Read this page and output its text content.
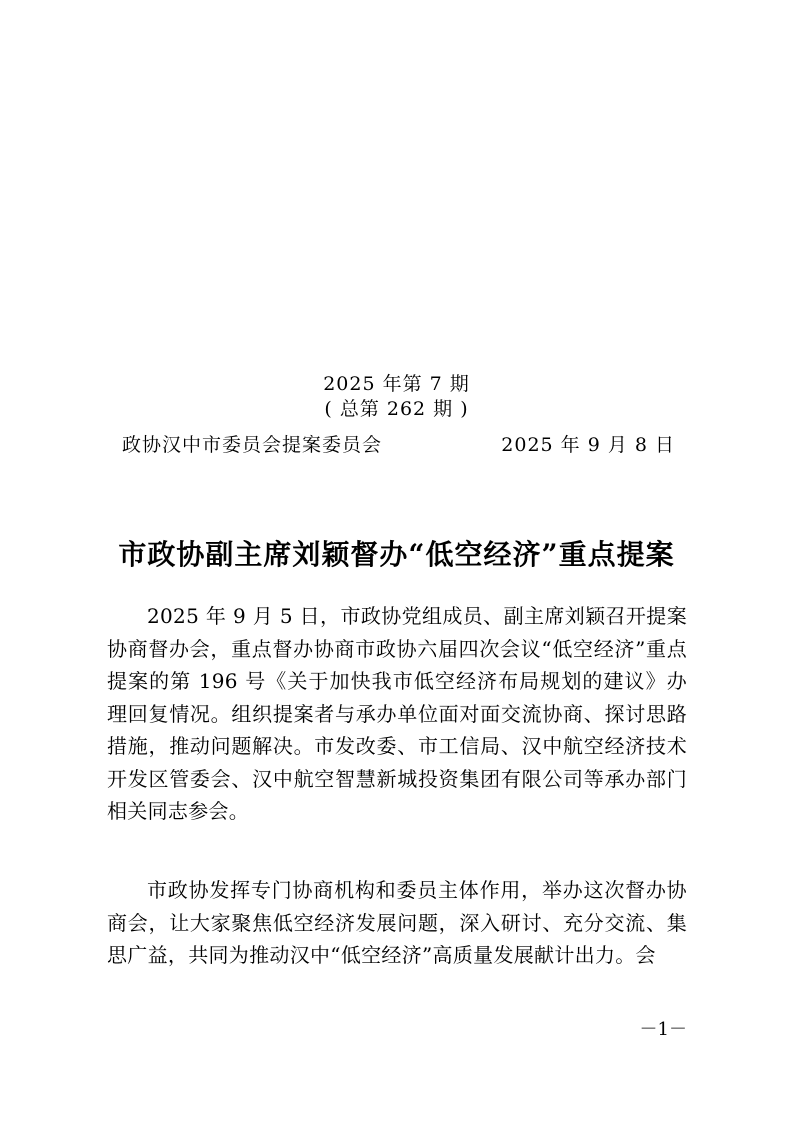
2025 年第 7 期
( 总第 262 期 )
政协汉中市委员会提案委员会	2025 年 9 月 8 日
市政协副主席刘颖督办“低空经济”重点提案

2025 年 9 月 5 日，市政协党组成员、副主席刘颖召开提案协商督办会，重点督办协商市政协六届四次会议“低空经济”重点提案的第 196 号《关于加快我市低空经济布局规划的建议》办理回复情况。组织提案者与承办单位面对面交流协商、探讨思路措施，推动问题解决。市发改委、市工信局、汉中航空经济技术开发区管委会、汉中航空智慧新城投资集团有限公司等承办部门相关同志参会。

市政协发挥专门协商机构和委员主体作用，举办这次督办协商会，让大家聚焦低空经济发展问题，深入研讨、充分交流、集思广益，共同为推动汉中“低空经济”高质量发展献计出力。会

－1－
